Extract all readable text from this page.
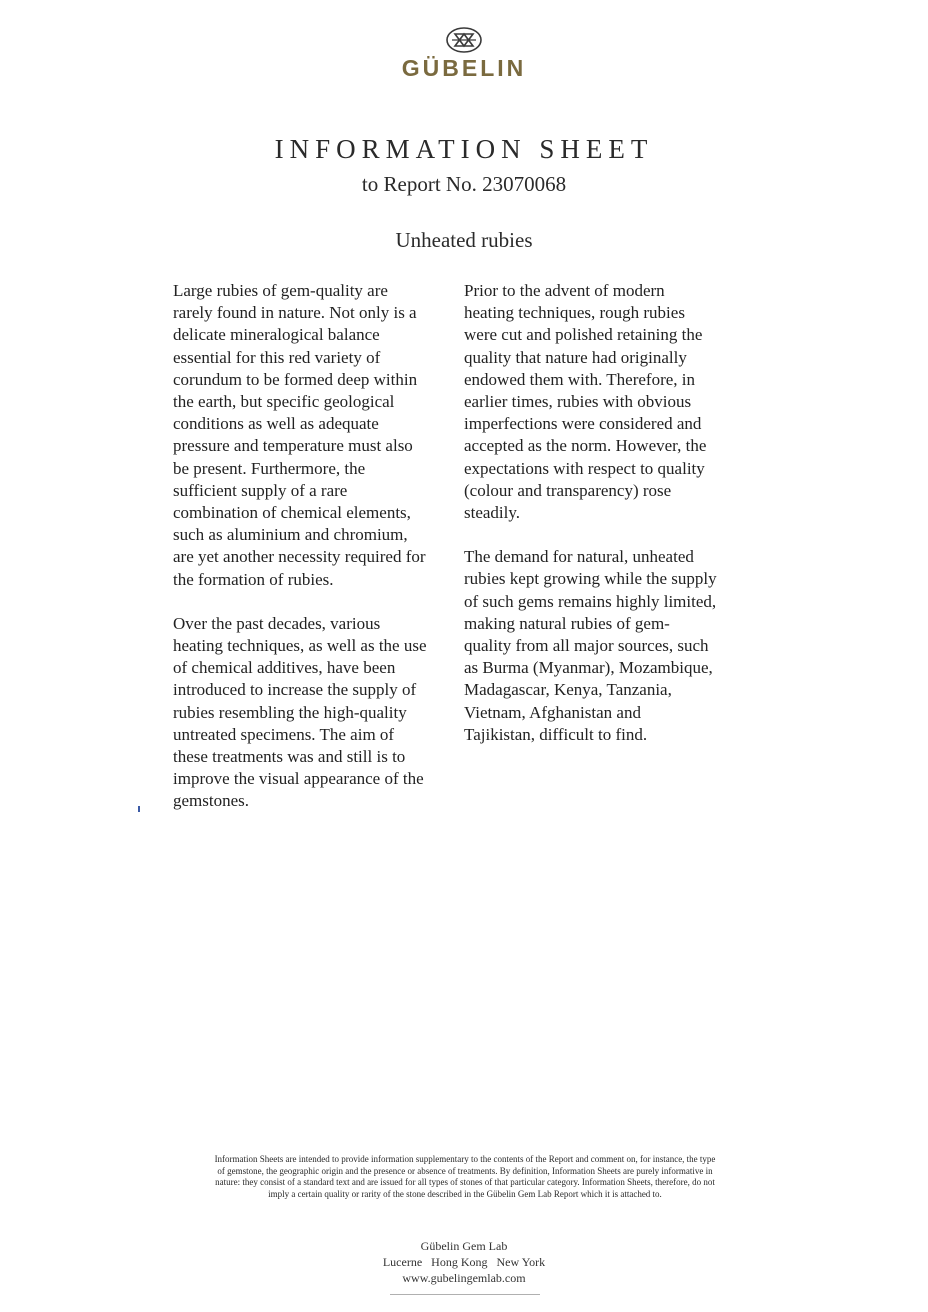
GÜBELIN
INFORMATION SHEET
to Report No. 23070068
Unheated rubies
Large rubies of gem-quality are
rarely found in nature. Not only is a
delicate mineralogical balance
essential for this red variety of
corundum to be formed deep within
the earth, but specific geological
conditions as well as adequate
pressure and temperature must also
be present. Furthermore, the
sufficient supply of a rare
combination of chemical elements,
such as aluminium and chromium,
are yet another necessity required for
the formation of rubies.
Over the past decades, various
heating techniques, as well as the use
of chemical additives, have been
introduced to increase the supply of
rubies resembling the high-quality
untreated specimens. The aim of
these treatments was and still is to
improve the visual appearance of the
gemstones.
Prior to the advent of modern
heating techniques, rough rubies
were cut and polished retaining the
quality that nature had originally
endowed them with. Therefore, in
earlier times, rubies with obvious
imperfections were considered and
accepted as the norm. However, the
expectations with respect to quality
(colour and transparency) rose
steadily.
The demand for natural, unheated
rubies kept growing while the supply
of such gems remains highly limited,
making natural rubies of gem-
quality from all major sources, such
as Burma (Myanmar), Mozambique,
Madagascar, Kenya, Tanzania,
Vietnam, Afghanistan and
Tajikistan, difficult to find.
Information Sheets are intended to provide information supplementary to the contents of the Report and comment on, for instance, the type
of gemstone, the geographic origin and the presence or absence of treatments. By definition, Information Sheets are purely informative in
nature: they consist of a standard text and are issued for all types of stones of that particular category. Information Sheets, therefore, do not
imply a certain quality or rarity of the stone described in the Gübelin Gem Lab Report which it is attached to.
Gübelin Gem Lab
Lucerne   Hong Kong   New York
www.gubelingemlab.com
